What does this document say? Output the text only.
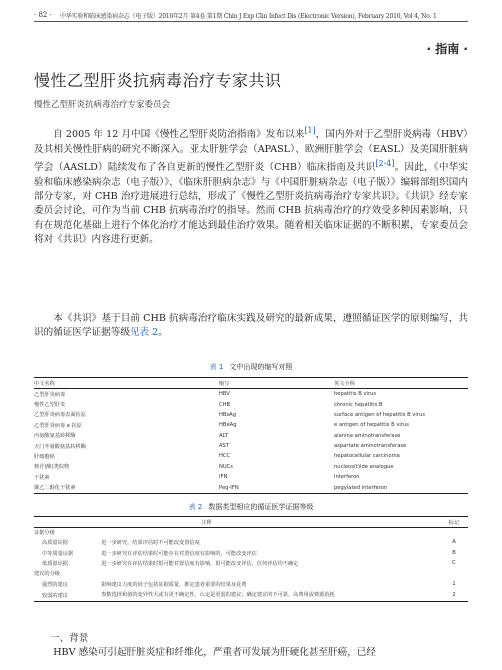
· 82 · 中华实验和临床感染病杂志（电子版）2010年2月 第4卷 第1期 Chin J Exp Clin Infect Dis (Electronic Version), February 2010, Vol 4, No. 1
· 指南 ·
慢性乙型肝炎抗病毒治疗专家共识
慢性乙型肝炎抗病毒治疗专家委员会
自 2005 年 12 月中国《慢性乙型肝炎防治指南》发布以来[1]，国内外对于乙型肝炎病毒（HBV）及其相关慢性肝病的研究不断深入。亚太肝脏学会（APASL）、欧洲肝脏学会（EASL）及美国肝脏病学会（AASLD）陆续发布了各自更新的慢性乙型肝炎（CHB）临床指南及共识[2-4]。因此，《中华实验和临床感染病杂志（电子版）》、《临床肝胆病杂志》与《中国肝脏病杂志（电子版）》编辑部组织国内部分专家，对 CHB 治疗进展进行总结，形成了《慢性乙型肝炎抗病毒治疗专家共识》。《共识》经专家委员会讨论，可作为当前 CHB 抗病毒治疗的指导。然而 CHB 抗病毒治疗的疗效受多种因素影响，只有在规范化基础上进行个体化治疗才能达到最佳治疗效果。随着相关临床证据的不断积累，专家委员会将对《共识》内容进行更新。
本《共识》基于目前 CHB 抗病毒治疗临床实践及研究的最新成果，遵照循证医学的原则编写，共识的循证医学证据等级见表 2。
表 1 文中出现的缩写对照
中文名称	缩写	英文全称
乙型肝炎病毒	HBV	hepatitis B virus
慢性乙型肝炎	CHB	chronic hepatitis B
乙型肝炎病毒表面抗原	HBsAg	surface antigen of hepatitis B virus
乙型肝炎病毒 e 抗原	HBeAg	e antigen of hepatitis B virus
丙氨酸氨基转移酶	ALT	alanine aminotransferase
天门冬氨酸氨基转移酶	AST	aspartate aminotransferase
肝细胞癌	HCC	hepatocellular carcinoma
核苷(酸)类似物	NUCs	nucleos(t)ide analogue
干扰素	IFN	interferon
聚乙二醇化干扰素	Peg-IFN	pegylated interferon
表 2 数据类型相应的循证医学证据等级
	注释	标记
证据分级		
高质量证据	进一步研究，结果评估时不可能改变置信度	A
中等质量证据	进一步研究在评估结果时可能存在对置信度有影响的，可能改变评估	B
低质量证据	进一步研究在评估结果时很可能对置信度有影响，很可能改变评估，任何评估均不确定	C
建议的分级		
强烈的建议	影响建议力度的因子包括证据质量，推定患者重要的结果及花费	1
较弱的建议	参数选择和值的变异性大或有更不确定性，认定是更弱的建议；确定建议的不可靠，高费用或费源消耗	2
一、背景
HBV 感染可引起肝脏炎症和纤维化，严重者可发展为肝硬化甚至肝癌，已经
